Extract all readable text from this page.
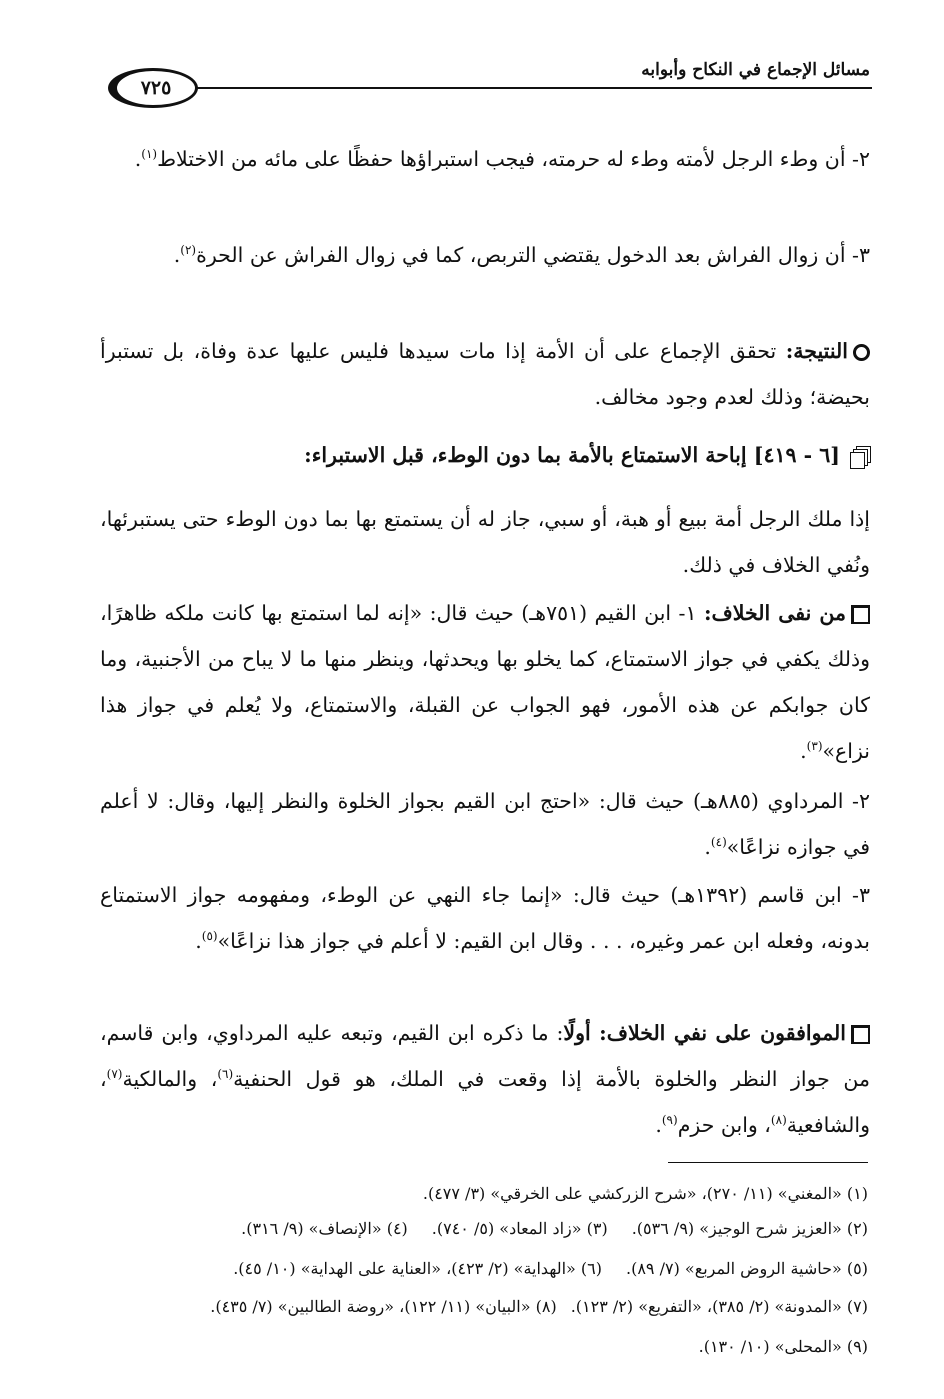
مسائل الإجماع في النكاح وأبوابه
٧٢٥
٢- أن وطء الرجل لأمته وطء له حرمته، فيجب استبراؤها حفظًا على مائه من الاختلاط$^{(١)}$.
٣- أن زوال الفراش بعد الدخول يقتضي التربص، كما في زوال الفراش عن الحرة$^{(٢)}$.
النتيجة: تحقق الإجماع على أن الأمة إذا مات سيدها فليس عليها عدة وفاة، بل تستبرأ بحيضة؛ وذلك لعدم وجود مخالف.
[٦ - ٤١٩] إباحة الاستمتاع بالأمة بما دون الوطء، قبل الاستبراء:
إذا ملك الرجل أمة ببيع أو هبة، أو سبي، جاز له أن يستمتع بها بما دون الوطء حتى يستبرئها، ونُفي الخلاف في ذلك.
من نفى الخلاف: ١- ابن القيم (٧٥١هـ) حيث قال: «إنه لما استمتع بها كانت ملكه ظاهرًا، وذلك يكفي في جواز الاستمتاع، كما يخلو بها ويحدثها، وينظر منها ما لا يباح من الأجنبية، وما كان جوابكم عن هذه الأمور، فهو الجواب عن القبلة، والاستمتاع، ولا يُعلم في جواز هذا نزاع»$^{(٣)}$.
٢- المرداوي (٨٨٥هـ) حيث قال: «احتج ابن القيم بجواز الخلوة والنظر إليها، وقال: لا أعلم في جوازه نزاعًا»$^{(٤)}$.
٣- ابن قاسم (١٣٩٢هـ) حيث قال: «إنما جاء النهي عن الوطء، ومفهومه جواز الاستمتاع بدونه، وفعله ابن عمر وغيره، . . . وقال ابن القيم: لا أعلم في جواز هذا نزاعًا»$^{(٥)}$.
الموافقون على نفي الخلاف: أولًا: ما ذكره ابن القيم، وتبعه عليه المرداوي، وابن قاسم، من جواز النظر والخلوة بالأمة إذا وقعت في الملك، هو قول الحنفية$^{(٦)}$، والمالكية$^{(٧)}$، والشافعية$^{(٨)}$، وابن حزم$^{(٩)}$.
(١) «المغني» (١١/ ٢٧٠)، «شرح الزركشي على الخرقي» (٣/ ٤٧٧).
(٢) «العزيز شرح الوجيز» (٩/ ٥٣٦).(٣) «زاد المعاد» (٥/ ٧٤٠).(٤) «الإنصاف» (٩/ ٣١٦).
(٥) «حاشية الروض المربع» (٧/ ٨٩).(٦) «الهداية» (٢/ ٤٢٣)، «العناية على الهداية» (١٠/ ٤٥).
(٧) «المدونة» (٢/ ٣٨٥)، «التفريع» (٢/ ١٢٣).(٨) «البيان» (١١/ ١٢٢)، «روضة الطالبين» (٧/ ٤٣٥).
(٩) «المحلى» (١٠/ ١٣٠).
